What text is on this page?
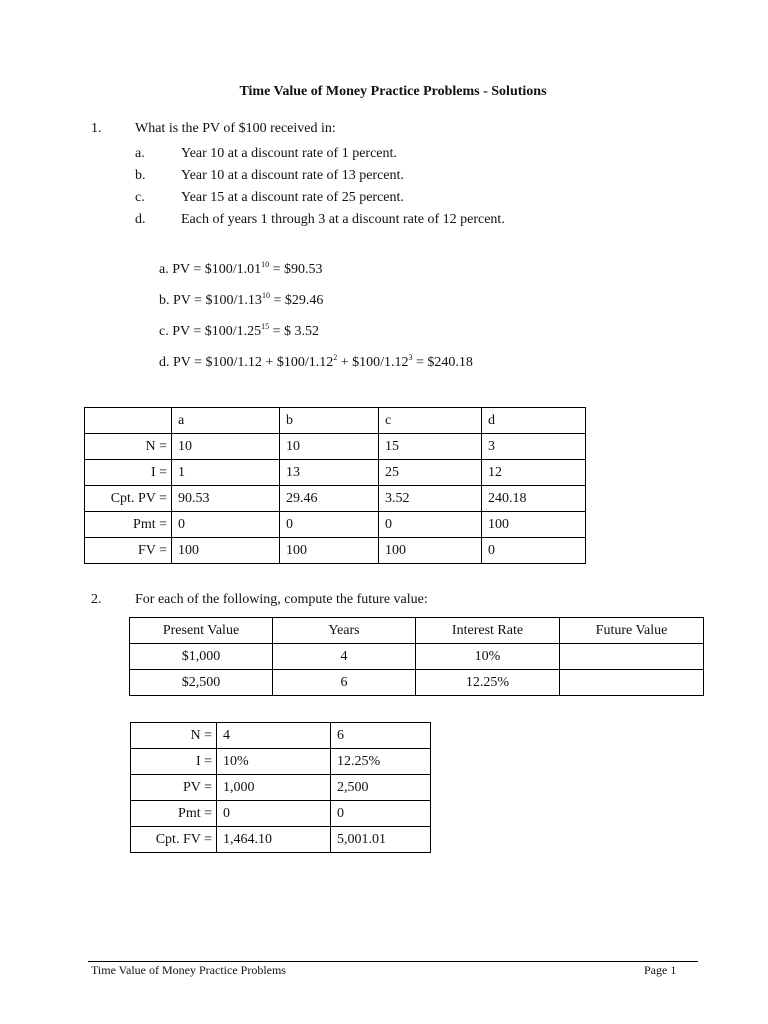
Time Value of Money Practice Problems - Solutions
1. What is the PV of $100 received in:
a.	Year 10 at a discount rate of 1 percent.
b.	Year 10 at a discount rate of 13 percent.
c.	Year 15 at a discount rate of 25 percent.
d.	Each of years 1 through 3 at a discount rate of 12 percent.
a. PV = $\$100/1.01^{10}$ = $90.53
b. PV = $\$100/1.13^{10}$ = $29.46
c. PV = $\$100/1.25^{15}$ = $ 3.52
d. PV = $100/1.12 + $\$100/1.12^2$ + $\$100/1.12^3$ = $240.18
	a	b	c	d
N =	10	10	15	3
I =	1	13	25	12
Cpt. PV =	90.53	29.46	3.52	240.18
Pmt =	0	0	0	100
FV =	100	100	100	0
2. For each of the following, compute the future value:
Present Value	Years	Interest Rate	Future Value
$1,000	4	10%	
$2,500	6	12.25%	
N =	4	6
I =	10%	12.25%
PV =	1,000	2,500
Pmt =	0	0
Cpt. FV =	1,464.10	5,001.01
Time Value of Money Practice Problems	Page 1
